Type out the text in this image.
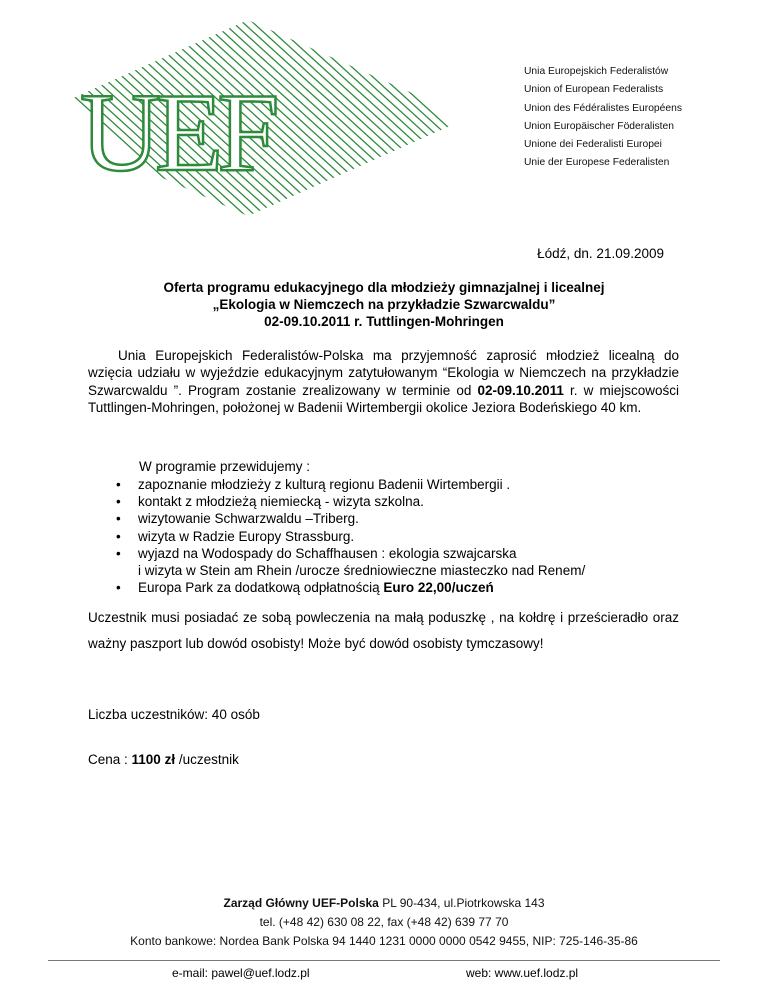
UEF	Unia Europejskich Federalistów
Union of European Federalists
Union des Fédéralistes Européens
Union Europäischer Föderalisten
Unione dei Federalisti Europei
Unie der Europese Federalisten
Łódź, dn. 21.09.2009
Oferta programu edukacyjnego dla młodzieży gimnazjalnej i licealnej
„Ekologia w Niemczech na przykładzie Szwarcwaldu”
02-09.10.2011 r. Tuttlingen-Mohringen
Unia Europejskich Federalistów-Polska ma przyjemność zaprosić młodzież licealną do wzięcia udziału w wyjeździe edukacyjnym zatytułowanym “Ekologia w Niemczech na przykładzie Szwarcwaldu ”. Program zostanie zrealizowany w terminie od 02-09.10.2011 r. w miejscowości Tuttlingen-Mohringen, położonej w Badenii Wirtembergii okolice Jeziora Bodeńskiego 40 km.
W programie przewidujemy :
• zapoznanie młodzieży z kulturą regionu Badenii Wirtembergii .
• kontakt z młodzieżą niemiecką - wizyta szkolna.
• wizytowanie Schwarzwaldu –Triberg.
• wizyta w Radzie Europy Strassburg.
• wyjazd na Wodospady do Schaffhausen : ekologia szwajcarska
i wizyta w Stein am Rhein /urocze średniowieczne miasteczko nad Renem/
• Europa Park za dodatkową odpłatnością Euro 22,00/uczeń
Uczestnik musi posiadać ze sobą powleczenia na małą poduszkę , na kołdrę i prześcieradło oraz ważny paszport lub dowód osobisty! Może być dowód osobisty tymczasowy!
Liczba uczestników: 40 osób
Cena : 1100 zł /uczestnik
Zarząd Główny UEF-Polska PL 90-434, ul.Piotrkowska 143
tel. (+48 42) 630 08 22, fax (+48 42) 639 77 70
Konto bankowe: Nordea Bank Polska 94 1440 1231 0000 0000 0542 9455, NIP: 725-146-35-86
e-mail: pawel@uef.lodz.pl	web: www.uef.lodz.pl
